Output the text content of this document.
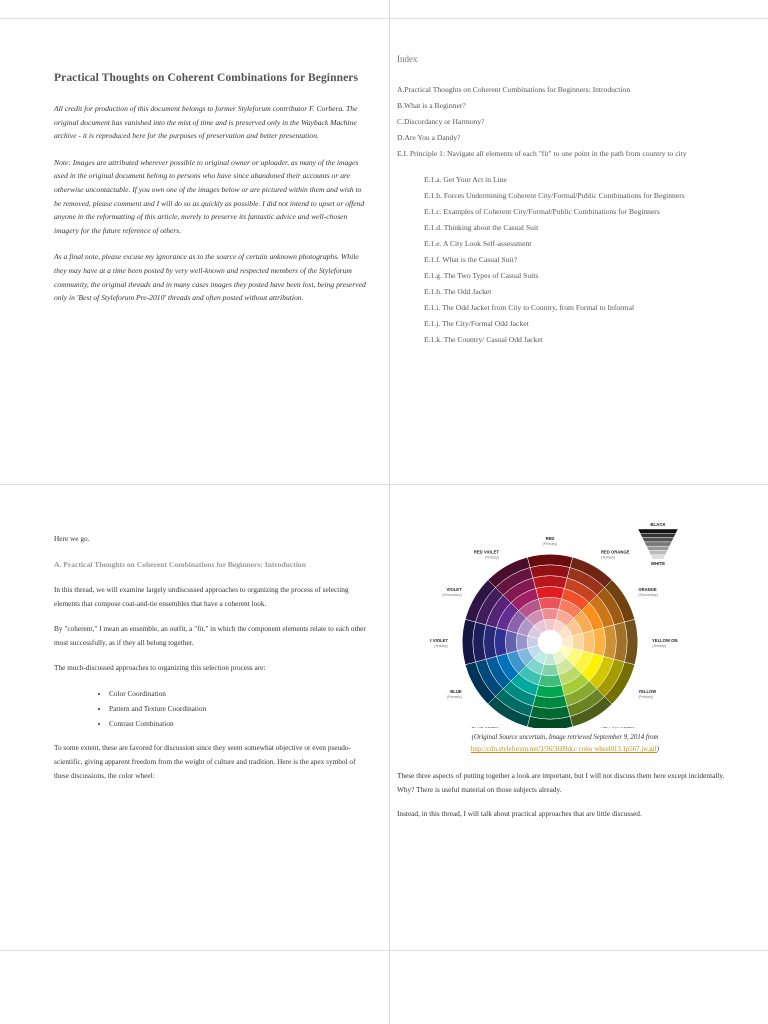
Practical Thoughts on Coherent Combinations for Beginners

All credit for production of this document belongs to former Styleforum contributor F. Corbera. The original document has vanished into the mist of time and is preserved only in the Wayback Machine archive - it is reproduced here for the purposes of preservation and better presentation.

Note: Images are attributed wherever possible to original owner or uploader, as many of the images used in the original document belong to persons who have since abandoned their accounts or are otherwise uncontactable. If you own one of the images below or are pictured within them and wish to be removed, please comment and I will do so as quickly as possible. I did not intend to upset or offend anyone in the reformatting of this article, merely to preserve its fantastic advice and well-chosen imagery for the future reference of others.

As a final note, please excuse my ignorance as to the source of certain unknown photographs. While they may have at a time been posted by very well-known and respected members of the Styleforum community, the original threads and in many cases images they posted have been lost, being preserved only in 'Best of Styleforum Pre-2010' threads and often posted without attribution.

Index
A.Practical Thoughts on Coherent Combinations for Beginners: Introduction
B.What is a Beginner?
C.Discordancy or Harmony?
D.Are You a Dandy?
E.I. Principle 1: Navigate all elements of each "fit" to one point in the path from country to city
E.1.a. Get Your Act in Line
E.1.b. Forces Undermining Coherent City/Formal/Public Combinations for Beginners
E.1.c. Examples of Coherent City/Formal/Public Combinations for Beginners
E.1.d. Thinking about the Casual Suit
E.1.e. A City Look Self-assessment
E.1.f. What is the Casual Suit?
E.1.g. The Two Types of Casual Suits
E.1.h. The Odd Jacket
E.1.i. The Odd Jacket from City to Country, from Formal to Informal
E.1.j. The City/Formal Odd Jacket
E.1.k. The Country/ Casual Odd Jacket

Here we go.

A. Practical Thoughts on Coherent Combinations for Beginners: Introduction

In this thread, we will examine largely undiscussed approaches to organizing the process of selecting elements that compose coat-and-tie ensembles that have a coherent look.

By "coherent," I mean an ensemble, an outfit, a "fit," in which the component elements relate to each other most successfully, as if they all belong together.

The much-discussed approaches to organizing this selection process are:

• Color Coordination
• Pattern and Texture Coordination
• Contrast Combination

To some extent, these are favored for discussion since they seem somewhat objective or even pseudo-scientific, giving apparent freedom from the weight of culture and tradition. Here is the apex symbol of these discussions, the color wheel:

RED
(Primary)
RED ORANGE
(Tertiary)
ORANGE
(Secondary)
YELLOW OR
(Tertiary)
YELLOW
(Primary)
BLUE
(Primary)
VIOLET
(Tertiary)
VIOLET
(Secondary)
RED VIOLET
(Tertiary)
BLACK
WHITE
(Original Source uncertain, Image retrieved September 9, 2014 from
http://cdn.styleforum.net/3/36/3609dcc color wheel013.1p567.jw.gif)

These three aspects of putting together a look are important, but I will not discuss them here except incidentally. Why? There is useful material on those subjects already.

Instead, in this thread, I will talk about practical approaches that are little discussed.
